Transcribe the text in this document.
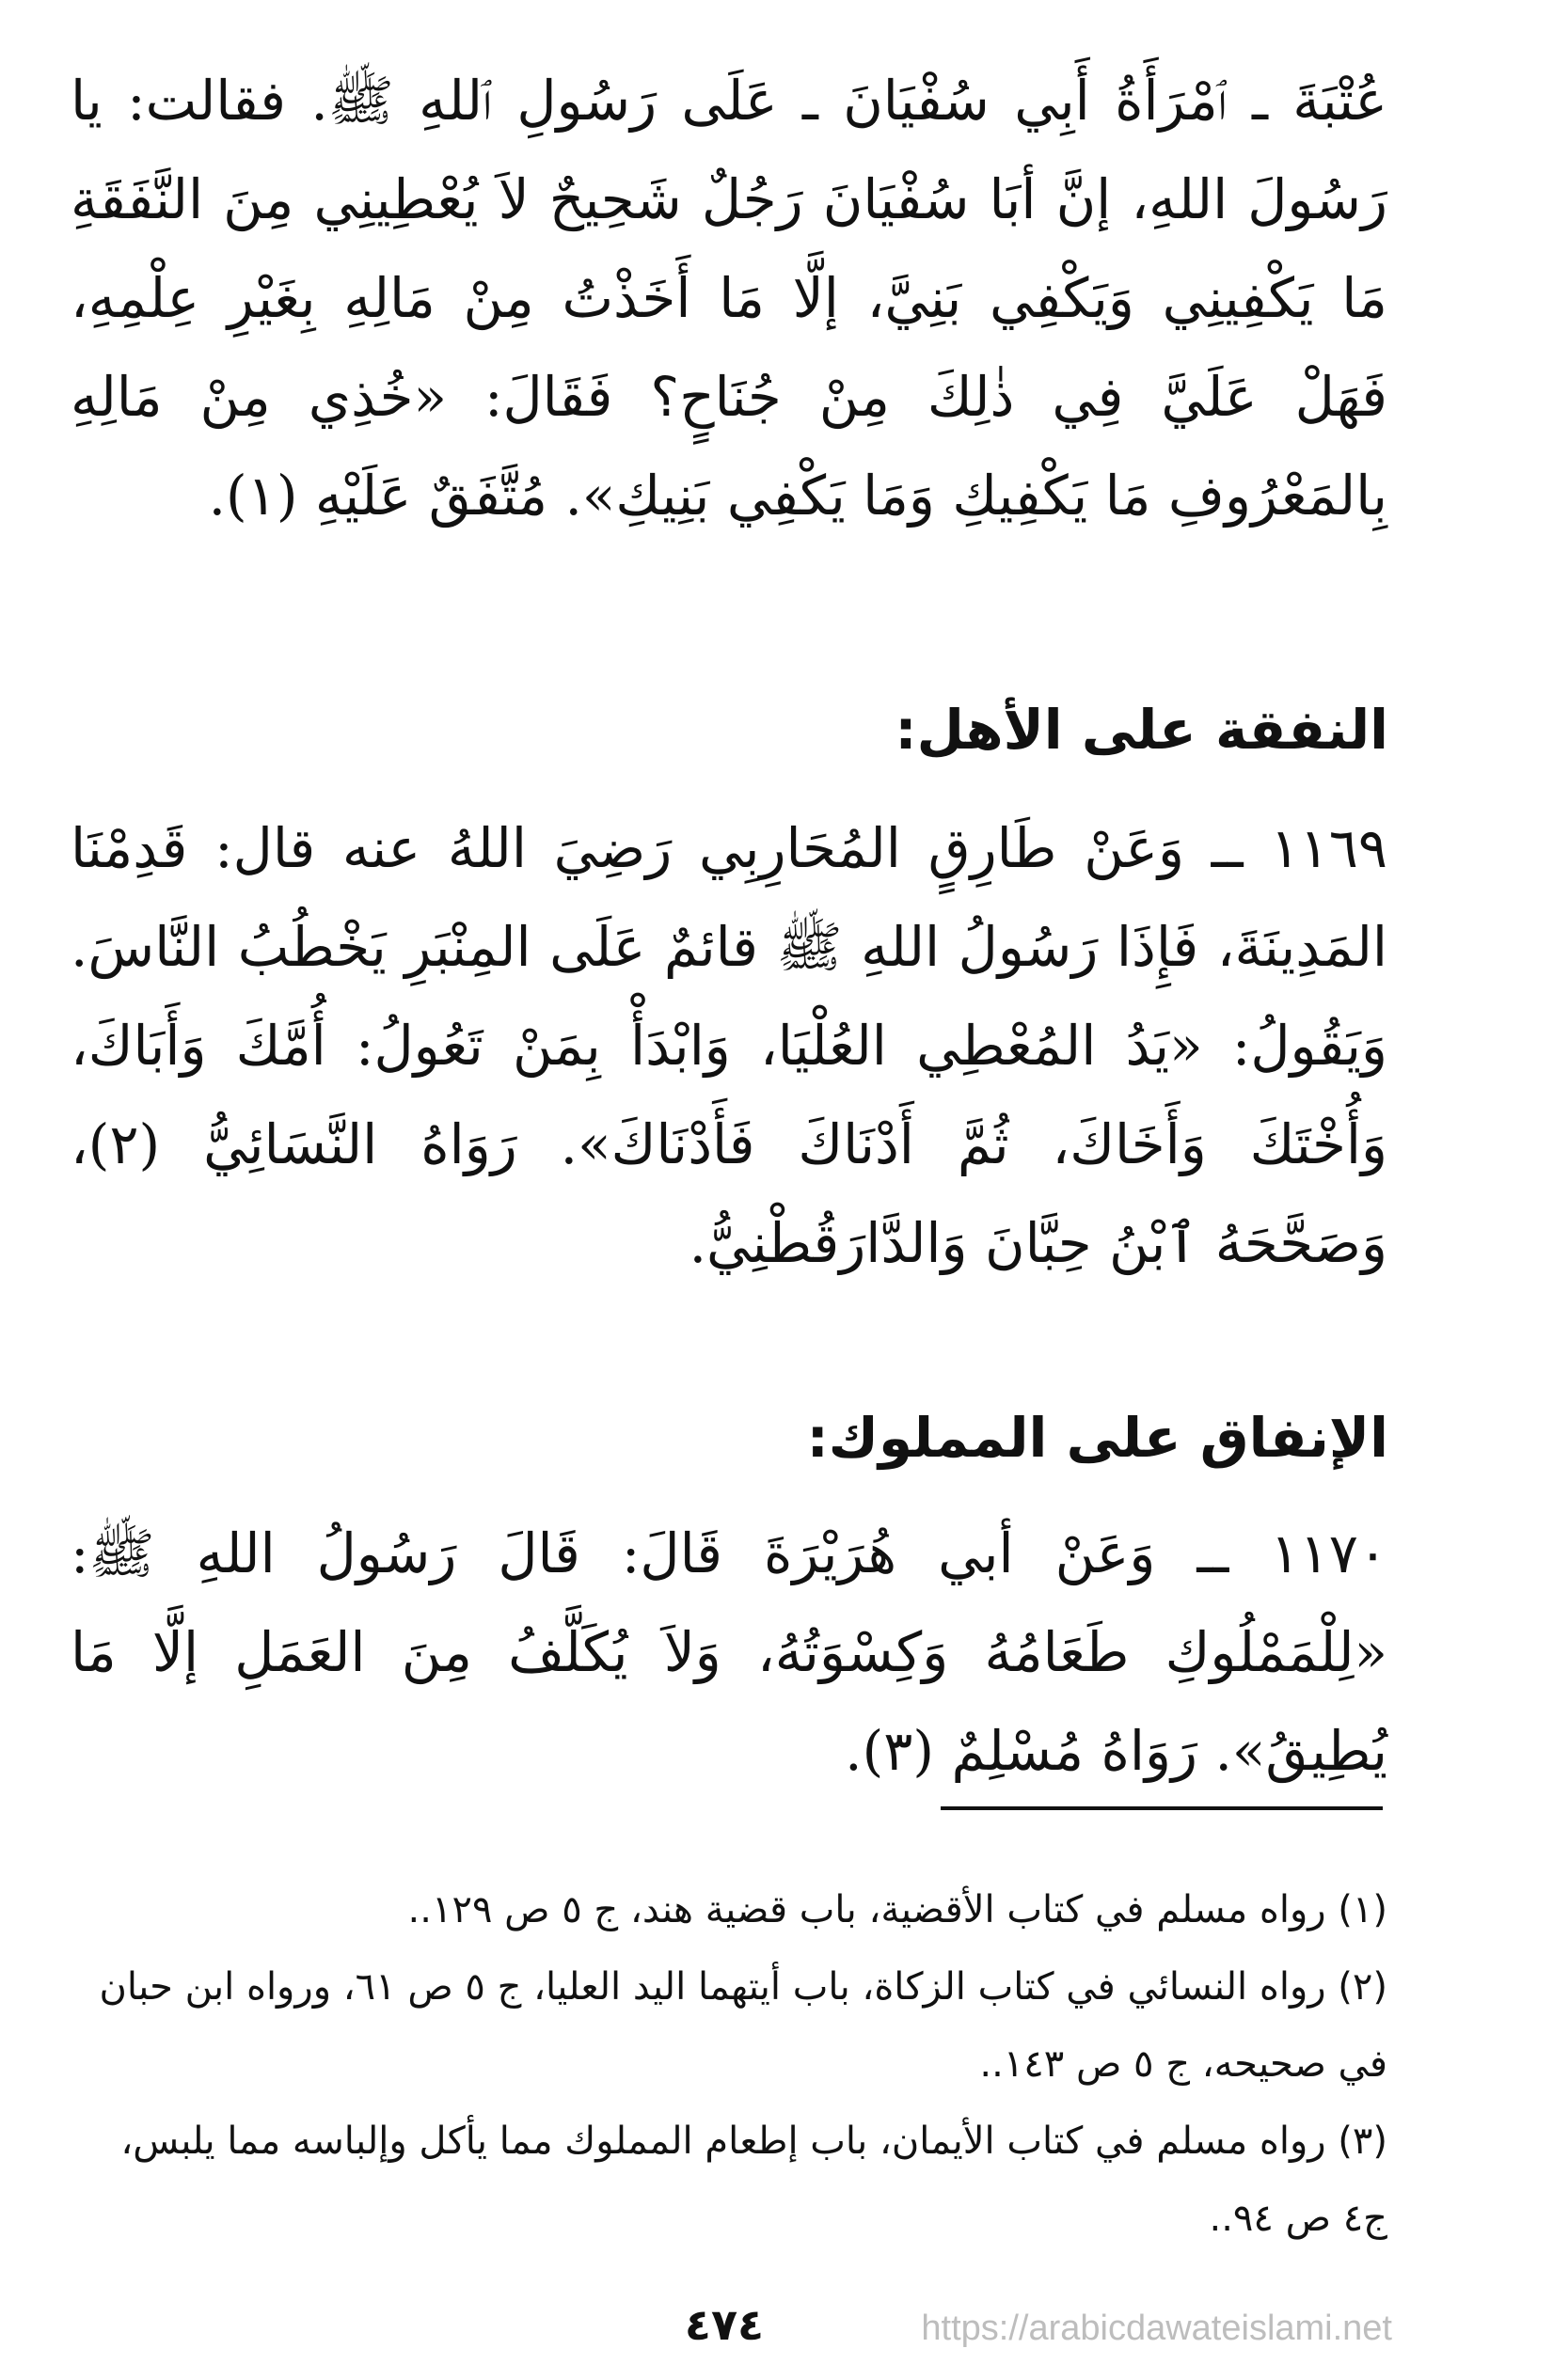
عُتْبَةَ ـ ٱمْرَأَةُ أَبِي سُفْيَانَ ـ عَلَى رَسُولِ ٱللهِ ﷺ. فقالت: يا رَسُولَ اللهِ، إنَّ أبَا سُفْيَانَ رَجُلٌ شَحِيحٌ لاَ يُعْطِينِي مِنَ النَّفَقَةِ مَا يَكْفِينِي وَيَكْفِي بَنِيَّ، إلَّا مَا أَخَذْتُ مِنْ مَالِهِ بِغَيْرِ عِلْمِهِ، فَهَلْ عَلَيَّ فِي ذٰلِكَ مِنْ جُنَاحٍ؟ فَقَالَ: «خُذِي مِنْ مَالِهِ بِالمَعْرُوفِ مَا يَكْفِيكِ وَمَا يَكْفِي بَنِيكِ». مُتَّفَقٌ عَلَيْهِ (١).

النفقة على الأهل:

١١٦٩ ــ وَعَنْ طَارِقٍ المُحَارِبِي رَضِيَ اللهُ عنه قال: قَدِمْنَا المَدِينَةَ، فَإِذَا رَسُولُ اللهِ ﷺ قائمٌ عَلَى المِنْبَرِ يَخْطُبُ النَّاسَ. وَيَقُولُ: «يَدُ المُعْطِي العُلْيَا، وَابْدَأْ بِمَنْ تَعُولُ: أُمَّكَ وَأَبَاكَ، وَأُخْتَكَ وَأَخَاكَ، ثُمَّ أَدْنَاكَ فَأَدْنَاكَ». رَوَاهُ النَّسَائِيُّ (٢)، وَصَحَّحَهُ ٱبْنُ حِبَّانَ وَالدَّارَقُطْنِيُّ.

الإنفاق على المملوك:

١١٧٠ ــ وَعَنْ أبي هُرَيْرَةَ قَالَ: قَالَ رَسُولُ اللهِ ﷺ: «لِلْمَمْلُوكِ طَعَامُهُ وَكِسْوَتُهُ، وَلاَ يُكَلَّفُ مِنَ العَمَلِ إلَّا مَا يُطِيقُ». رَوَاهُ مُسْلِمٌ (٣).

(١) رواه مسلم في كتاب الأقضية، باب قضية هند، ج ٥ ص ١٢٩..

(٢) رواه النسائي في كتاب الزكاة، باب أيتهما اليد العليا، ج ٥ ص ٦١، ورواه ابن حبان في صحيحه، ج ٥ ص ١٤٣..

(٣) رواه مسلم في كتاب الأيمان، باب إطعام المملوك مما يأكل وإلباسه مما يلبس، ج٤ ص ٩٤..

٤٧٤	https://arabicdawateislami.net
